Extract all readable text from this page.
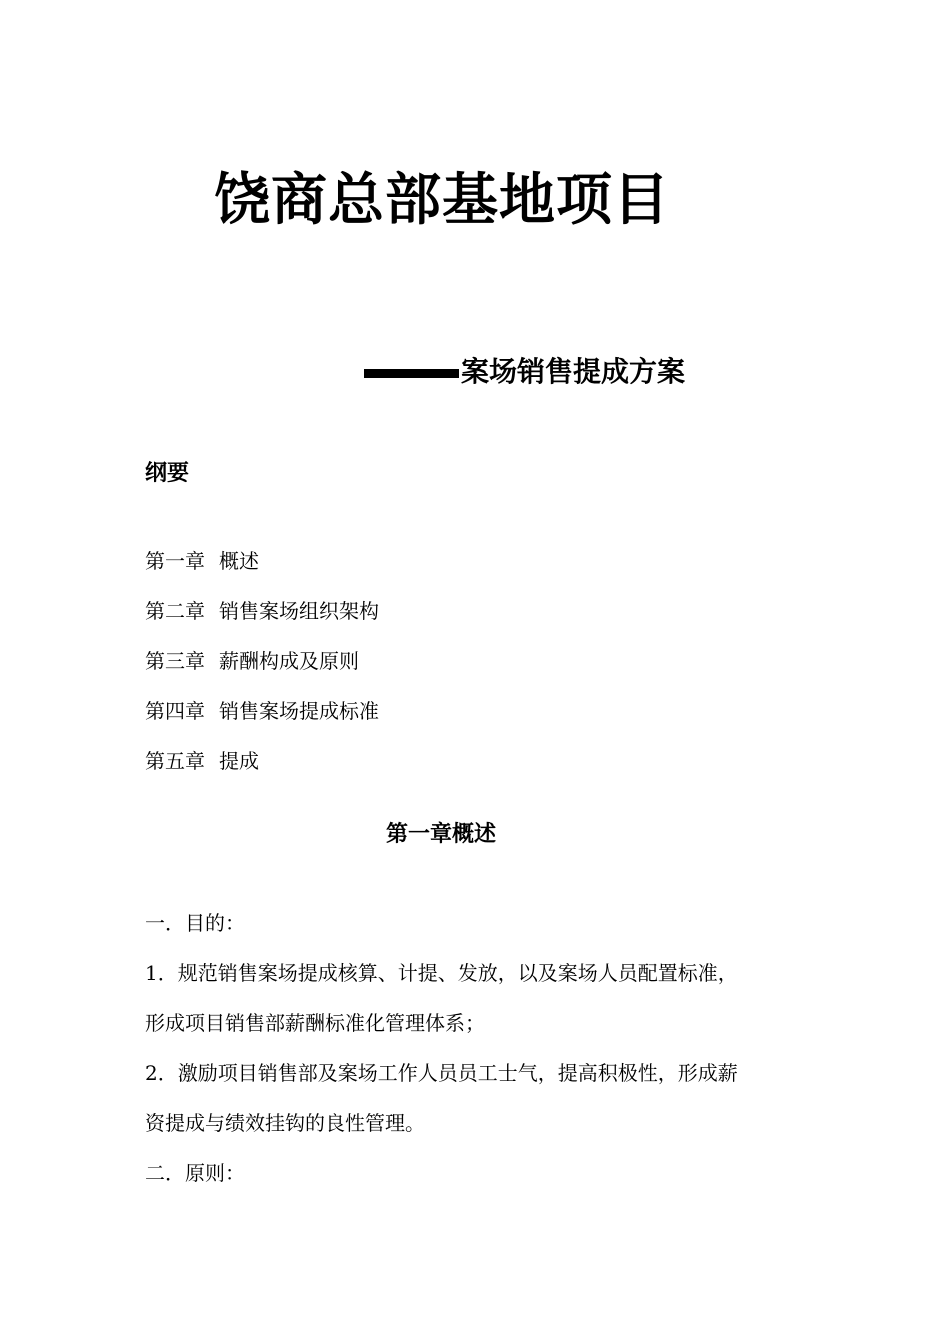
饶商总部基地项目
案场销售提成方案
纲要
第一章 概述
第二章 销售案场组织架构
第三章 薪酬构成及原则
第四章 销售案场提成标准
第五章 提成
第一章概述
一．目的：
1．规范销售案场提成核算、计提、发放，以及案场人员配置标准，
形成项目销售部薪酬标准化管理体系；
2．激励项目销售部及案场工作人员员工士气，提高积极性，形成薪
资提成与绩效挂钩的良性管理。
二．原则：
